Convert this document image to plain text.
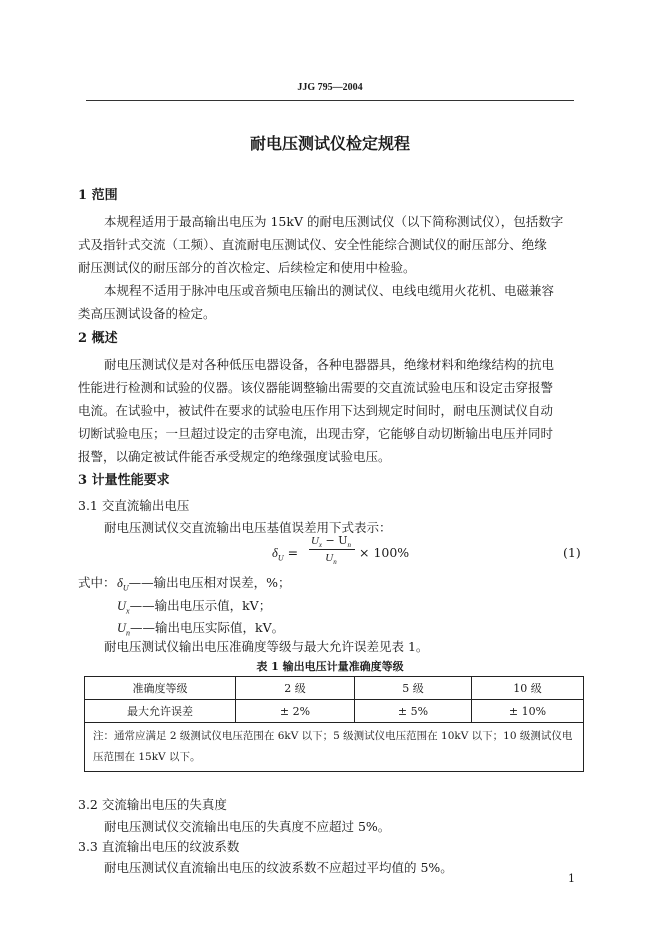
JJG 795—2004
耐电压测试仪检定规程
1 范围
本规程适用于最高输出电压为 15kV 的耐电压测试仪（以下简称测试仪），包括数字
式及指针式交流（工频）、直流耐电压测试仪、安全性能综合测试仪的耐压部分、绝缘
耐压测试仪的耐压部分的首次检定、后续检定和使用中检验。
本规程不适用于脉冲电压或音频电压输出的测试仪、电线电缆用火花机、电磁兼容
类高压测试设备的检定。
2 概述
耐电压测试仪是对各种低压电器设备，各种电器器具，绝缘材料和绝缘结构的抗电
性能进行检测和试验的仪器。该仪器能调整输出需要的交直流试验电压和设定击穿报警
电流。在试验中，被试件在要求的试验电压作用下达到规定时间时，耐电压测试仪自动
切断试验电压；一旦超过设定的击穿电流，出现击穿，它能够自动切断输出电压并同时
报警，以确定被试件能否承受规定的绝缘强度试验电压。
3 计量性能要求
3.1 交直流输出电压
耐电压测试仪交直流输出电压基值误差用下式表示：
$\delta_U$ =
$U_x - U_n$
$U_n$
× 100%	(1)
式中： $\delta_U——$输出电压相对误差，%；
$U_x——$输出电压示值，kV；
$U_n——$输出电压实际值，kV。
耐电压测试仪输出电压准确度等级与最大允许误差见表 1。
表 1 输出电压计量准确度等级
准确度等级	2 级	5 级	10 级
最大允许误差	± 2%	± 5%	± 10%
注：通常应满足 2 级测试仪电压范围在 6kV 以下；5 级测试仪电压范围在 10kV 以下；10 级测试仪电压范围在 15kV 以下。			
3.2 交流输出电压的失真度
耐电压测试仪交流输出电压的失真度不应超过 5%。
3.3 直流输出电压的纹波系数
耐电压测试仪直流输出电压的纹波系数不应超过平均值的 5%。
1
